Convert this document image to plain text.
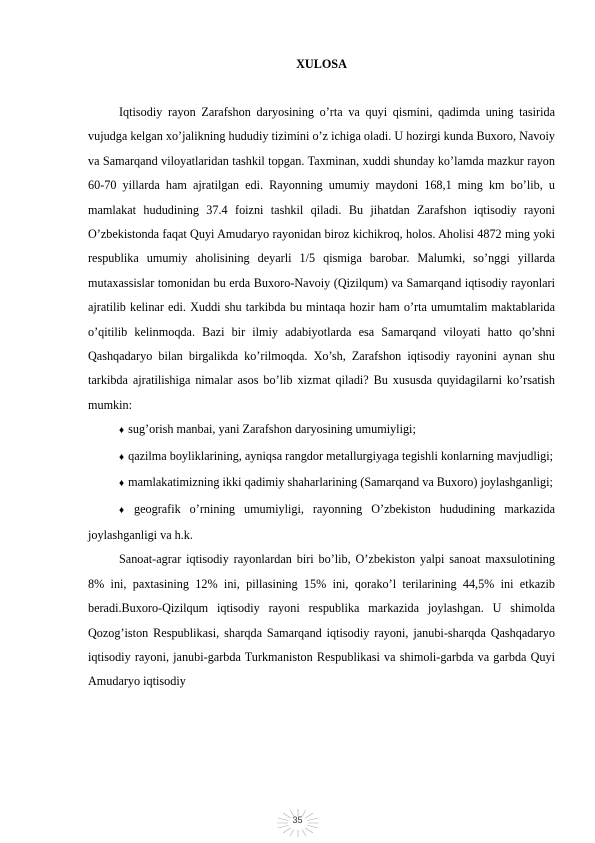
XULOSA

Iqtisodiy rayon Zarafshon daryosining o’rta va quyi qismini, qadimda uning tasirida vujudga kelgan xo’jalikning hududiy tizimini o’z ichiga oladi. U hozirgi kunda Buxoro, Navoiy va Samarqand viloyatlaridan tashkil topgan. Taxminan, xuddi shunday ko’lamda mazkur rayon 60-70 yillarda ham ajratilgan edi. Rayonning umumiy maydoni 168,1 ming km bo’lib, u mamlakat hududining 37.4 foizni tashkil qiladi. Bu jihatdan Zarafshon iqtisodiy rayoni O’zbekistonda faqat Quyi Amudaryo rayonidan biroz kichikroq, holos. Aholisi 4872 ming yoki respublika umumiy aholisining deyarli 1/5 qismiga barobar. Malumki, so’nggi yillarda mutaxassislar tomonidan bu erda Buxoro-Navoiy (Qizilqum) va Samarqand iqtisodiy rayonlari ajratilib kelinar edi. Xuddi shu tarkibda bu mintaqa hozir ham o’rta umumtalim maktablarida o’qitilib kelinmoqda. Bazi bir ilmiy adabiyotlarda esa Samarqand viloyati hatto qo’shni Qashqadaryo bilan birgalikda ko’rilmoqda. Xo’sh, Zarafshon iqtisodiy rayonini aynan shu tarkibda ajratilishiga nimalar asos bo’lib xizmat qiladi? Bu xususda quyidagilarni ko’rsatish mumkin:

♦ sug’orish manbai, yani Zarafshon daryosining umumiyligi;
♦ qazilma boyliklarining, ayniqsa rangdor metallurgiyaga tegishli konlarning mavjudligi;
♦ mamlakatimizning ikki qadimiy shaharlarining (Samarqand va Buxoro) joylashganligi;
♦ geografik o’rnining umumiyligi, rayonning O’zbekiston hududining markazida joylashganligi va h.k.

Sanoat-agrar iqtisodiy rayonlardan biri bo’lib, O’zbekiston yalpi sanoat maxsulotining 8% ini, paxtasining 12% ini, pillasining 15% ini, qorako’l terilarining 44,5% ini etkazib beradi.Buxoro-Qizilqum iqtisodiy rayoni respublika markazida joylashgan. U shimolda Qozog’iston Respublikasi, sharqda Samarqand iqtisodiy rayoni, janubi-sharqda Qashqadaryo iqtisodiy rayoni, janubi-garbda Turkmaniston Respublikasi va shimoli-garbda va garbda Quyi Amudaryo iqtisodiy

35
